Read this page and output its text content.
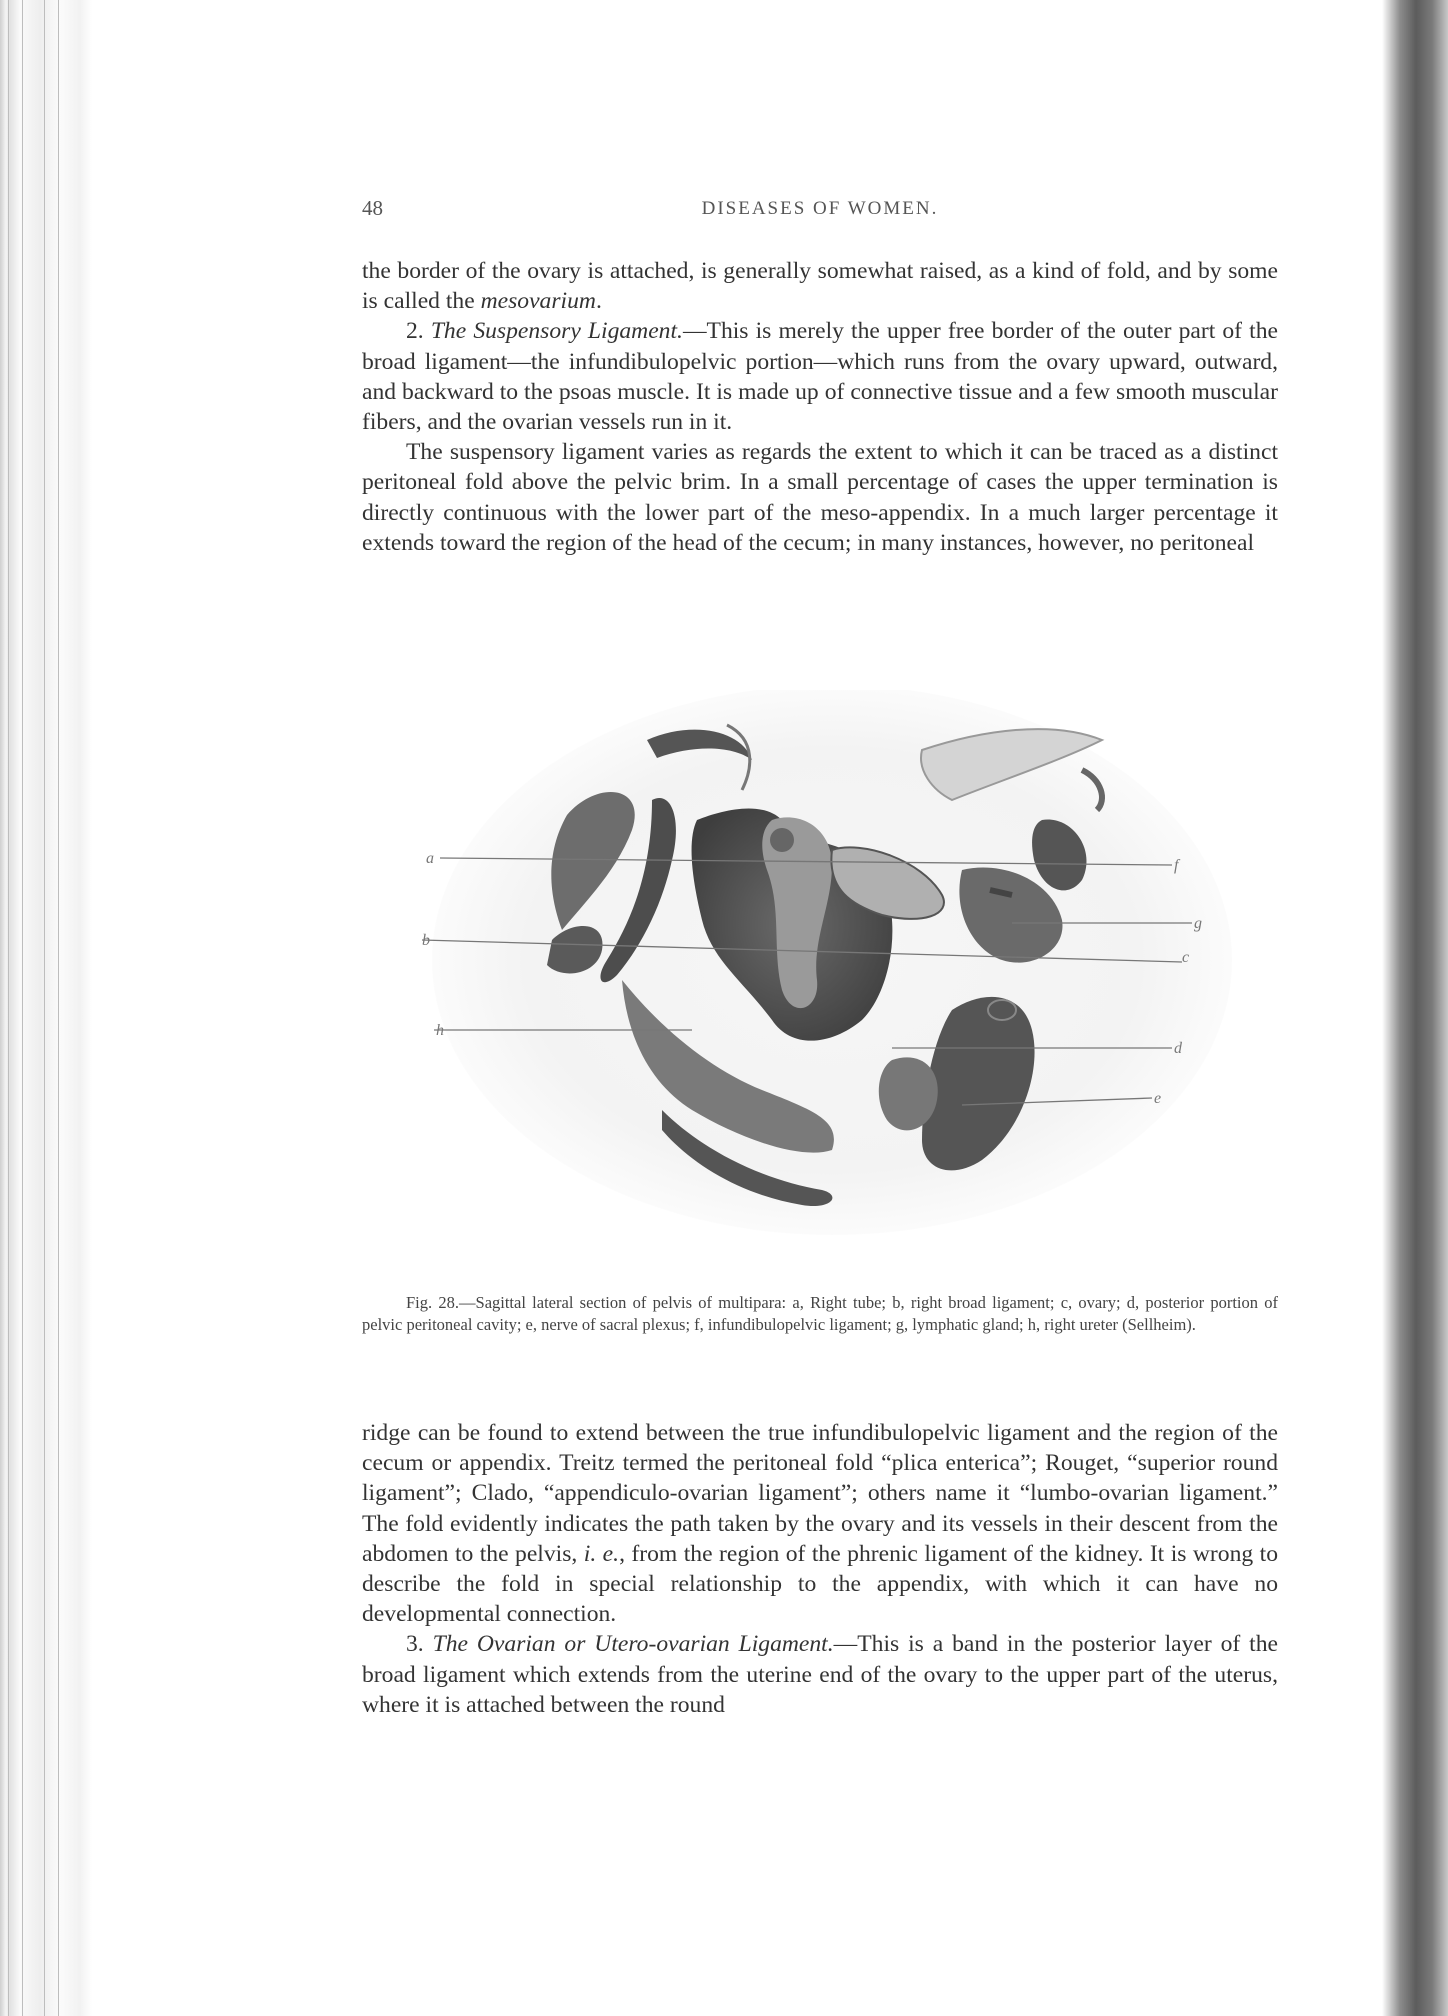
48	DISEASES OF WOMEN.

the border of the ovary is attached, is generally somewhat raised, as a kind of fold, and by some is called the mesovarium.

2. The Suspensory Ligament.—This is merely the upper free border of the outer part of the broad ligament—the infundibulopelvic portion—which runs from the ovary upward, outward, and backward to the psoas muscle. It is made up of connective tissue and a few smooth muscular fibers, and the ovarian vessels run in it.

The suspensory ligament varies as regards the extent to which it can be traced as a distinct peritoneal fold above the pelvic brim. In a small percentage of cases the upper termination is directly continuous with the lower part of the meso-appendix. In a much larger percentage it extends toward the region of the head of the cecum; in many instances, however, no peritoneal

a
b
h
f
g
c
d
e

Fig. 28.—Sagittal lateral section of pelvis of multipara: a, Right tube; b, right broad ligament; c, ovary; d, posterior portion of pelvic peritoneal cavity; e, nerve of sacral plexus; f, infundibulopelvic ligament; g, lymphatic gland; h, right ureter (Sellheim).

ridge can be found to extend between the true infundibulopelvic ligament and the region of the cecum or appendix. Treitz termed the peritoneal fold “plica enterica”; Rouget, “superior round ligament”; Clado, “appendiculo-ovarian ligament”; others name it “lumbo-ovarian ligament.” The fold evidently indicates the path taken by the ovary and its vessels in their descent from the abdomen to the pelvis, i. e., from the region of the phrenic ligament of the kidney. It is wrong to describe the fold in special relationship to the appendix, with which it can have no developmental connection.

3. The Ovarian or Utero-ovarian Ligament.—This is a band in the posterior layer of the broad ligament which extends from the uterine end of the ovary to the upper part of the uterus, where it is attached between the round
